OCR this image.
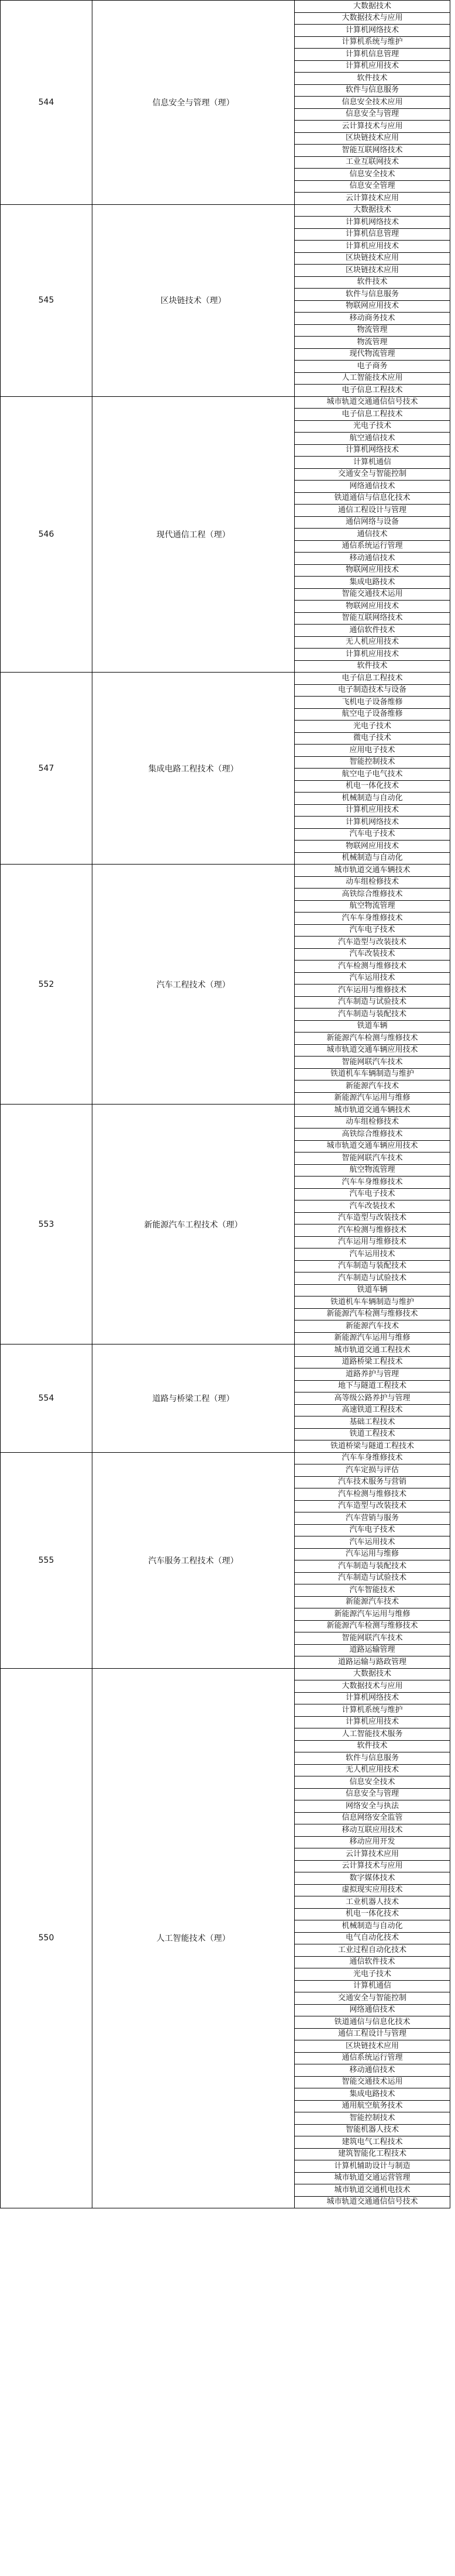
544	信息安全与管理（理）	大数据技术
		大数据技术与应用
		计算机网络技术
		计算机系统与维护
		计算机信息管理
		计算机应用技术
		软件技术
		软件与信息服务
		信息安全技术应用
		信息安全与管理
		云计算技术与应用
		区块链技术应用
		智能互联网络技术
		工业互联网技术
		信息安全技术
		信息安全管理
		云计算技术应用
545	区块链技术（理）	大数据技术
		计算机网络技术
		计算机信息管理
		计算机应用技术
		区块链技术应用
		区块链技术应用
		软件技术
		软件与信息服务
		物联网应用技术
		移动商务技术
		物流管理
		物流管理
		现代物流管理
		电子商务
		人工智能技术应用
		电子信息工程技术
546	现代通信工程（理）	城市轨道交通通信信号技术
		电子信息工程技术
		光电子技术
		航空通信技术
		计算机网络技术
		计算机通信
		交通安全与智能控制
		网络通信技术
		铁道通信与信息化技术
		通信工程设计与管理
		通信网络与设备
		通信技术
		通信系统运行管理
		移动通信技术
		物联网应用技术
		集成电路技术
		智能交通技术运用
		物联网应用技术
		智能互联网络技术
		通信软件技术
		无人机应用技术
		计算机应用技术
		软件技术
547	集成电路工程技术（理）	电子信息工程技术
		电子制造技术与设备
		飞机电子设备维修
		航空电子设备维修
		光电子技术
		微电子技术
		应用电子技术
		智能控制技术
		航空电子电气技术
		机电一体化技术
		机械制造与自动化
		计算机应用技术
		计算机网络技术
		汽车电子技术
		物联网应用技术
		机械制造与自动化
552	汽车工程技术（理）	城市轨道交通车辆技术
		动车组检修技术
		高铁综合维修技术
		航空物流管理
		汽车车身维修技术
		汽车电子技术
		汽车造型与改装技术
		汽车改装技术
		汽车检测与维修技术
		汽车运用技术
		汽车运用与维修技术
		汽车制造与试验技术
		汽车制造与装配技术
		铁道车辆
		新能源汽车检测与维修技术
		城市轨道交通车辆应用技术
		智能网联汽车技术
		铁道机车车辆制造与维护
		新能源汽车技术
		新能源汽车运用与维修
553	新能源汽车工程技术（理）	城市轨道交通车辆技术
		动车组检修技术
		高铁综合维修技术
		城市轨道交通车辆应用技术
		智能网联汽车技术
		航空物流管理
		汽车车身维修技术
		汽车电子技术
		汽车改装技术
		汽车造型与改装技术
		汽车检测与维修技术
		汽车运用与维修技术
		汽车运用技术
		汽车制造与装配技术
		汽车制造与试验技术
		铁道车辆
		铁道机车车辆制造与维护
		新能源汽车检测与维修技术
		新能源汽车技术
		新能源汽车运用与维修
554	道路与桥梁工程（理）	城市轨道交通工程技术
		道路桥梁工程技术
		道路养护与管理
		地下与隧道工程技术
		高等级公路养护与管理
		高速铁道工程技术
		基础工程技术
		铁道工程技术
		铁道桥梁与隧道工程技术
555	汽车服务工程技术（理）	汽车车身维修技术
		汽车定损与评估
		汽车技术服务与营销
		汽车检测与维修技术
		汽车造型与改装技术
		汽车营销与服务
		汽车电子技术
		汽车运用技术
		汽车运用与维修
		汽车制造与装配技术
		汽车制造与试验技术
		汽车智能技术
		新能源汽车技术
		新能源汽车运用与维修
		新能源汽车检测与维修技术
		智能网联汽车技术
		道路运输管理
		道路运输与路政管理
550	人工智能技术（理）	大数据技术
		大数据技术与应用
		计算机网络技术
		计算机系统与维护
		计算机应用技术
		人工智能技术服务
		软件技术
		软件与信息服务
		无人机应用技术
		信息安全技术
		信息安全与管理
		网络安全与执法
		信息网络安全监管
		移动互联应用技术
		移动应用开发
		云计算技术应用
		云计算技术与应用
		数字媒体技术
		虚拟现实应用技术
		工业机器人技术
		机电一体化技术
		机械制造与自动化
		电气自动化技术
		工业过程自动化技术
		通信软件技术
		光电子技术
		计算机通信
		交通安全与智能控制
		网络通信技术
		铁道通信与信息化技术
		通信工程设计与管理
		区块链技术应用
		通信系统运行管理
		移动通信技术
		智能交通技术运用
		集成电路技术
		通用航空航务技术
		智能控制技术
		智能机器人技术
		建筑电气工程技术
		建筑智能化工程技术
		计算机辅助设计与制造
		城市轨道交通运营管理
		城市轨道交通机电技术
		城市轨道交通通信信号技术
